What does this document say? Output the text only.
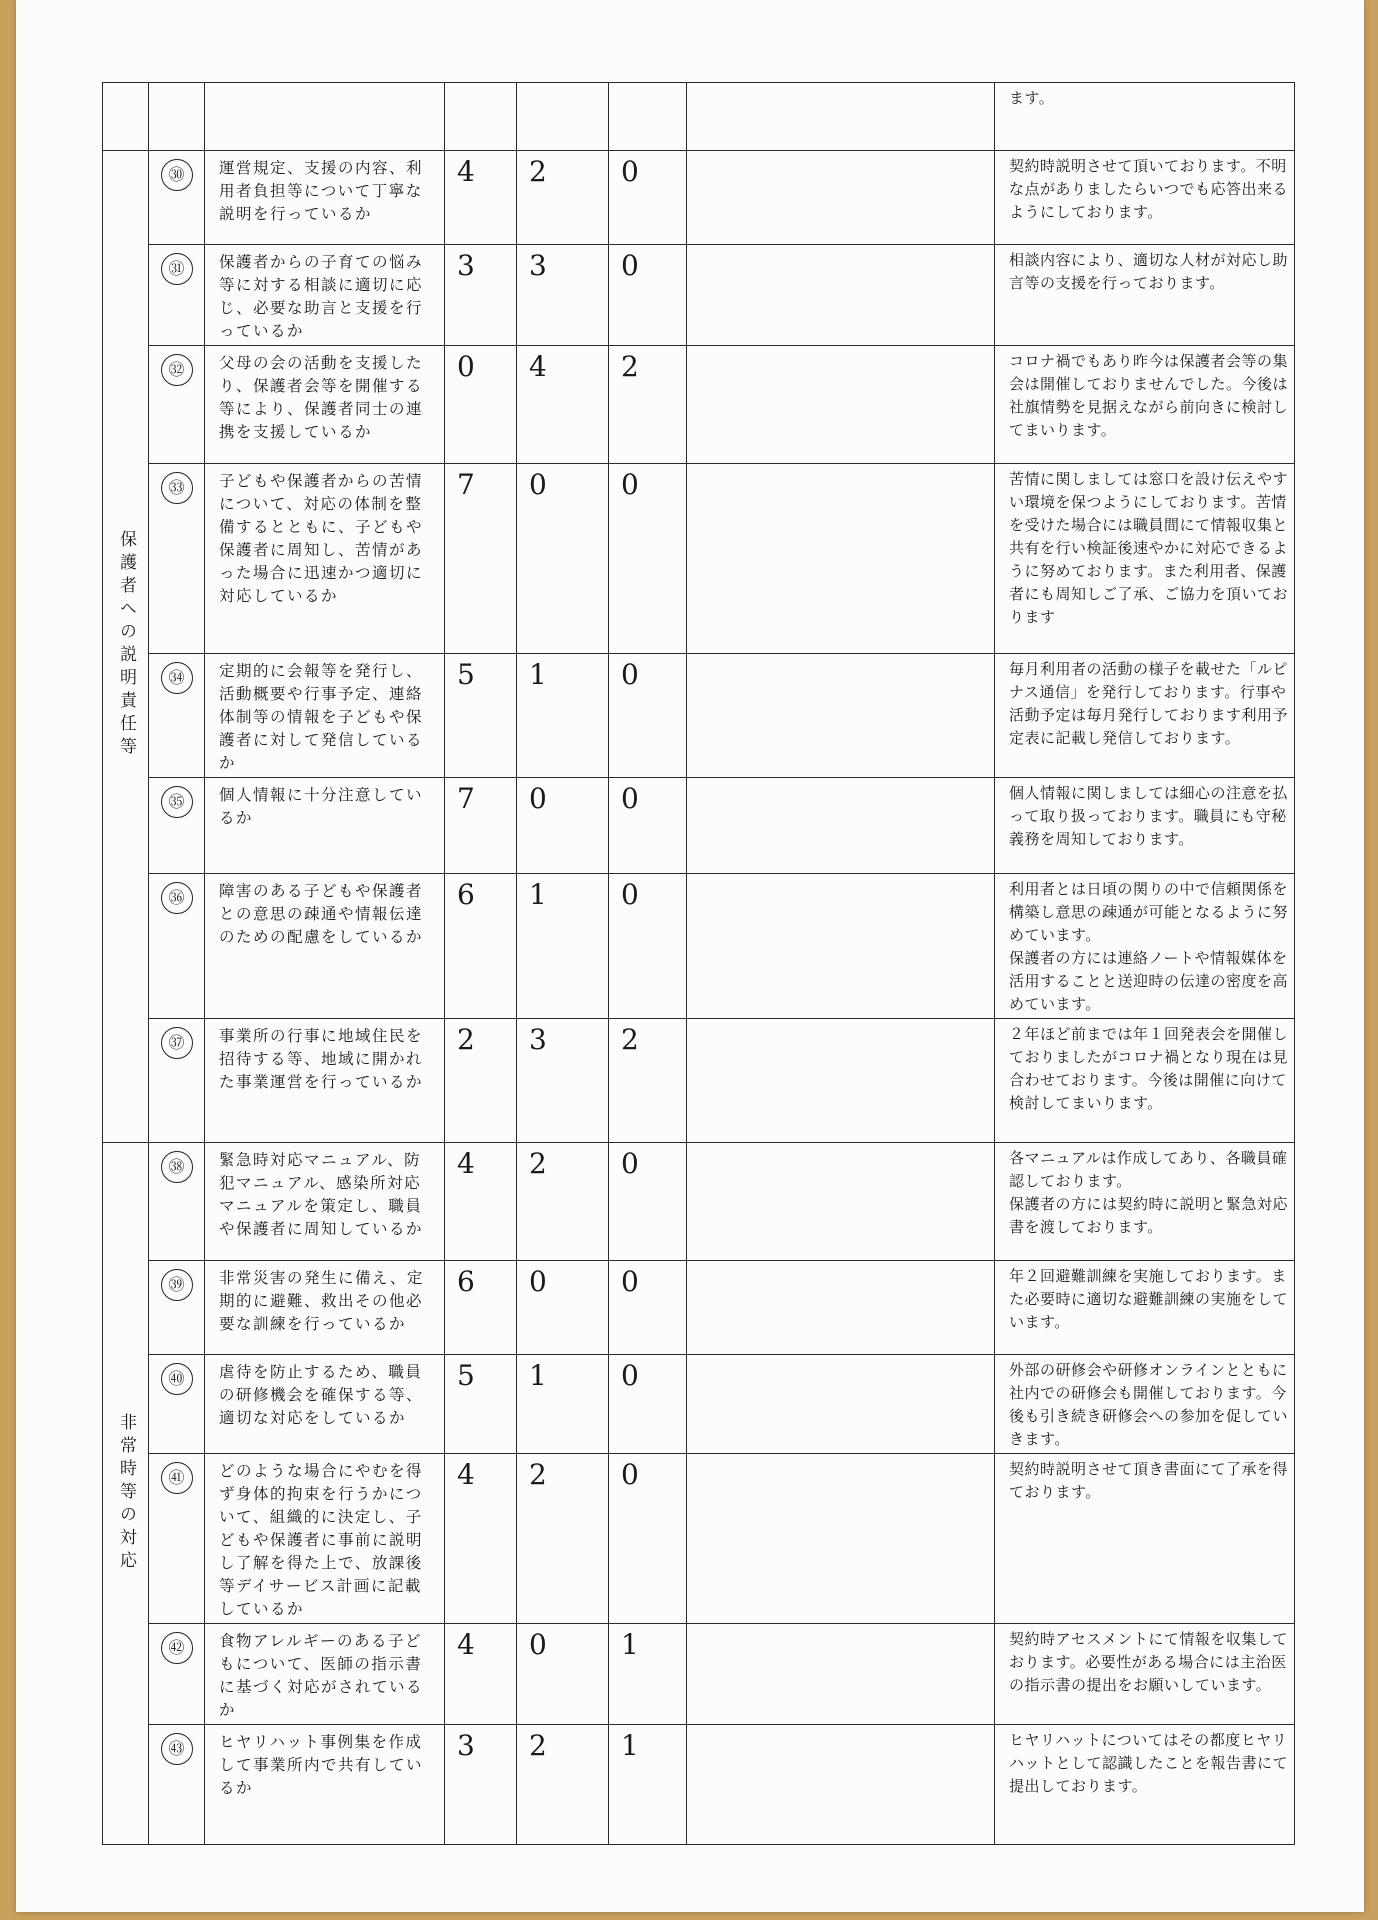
							ます。

保護者への説明責任等	㉚	運営規定、支援の内容、利用者負担等について丁寧な説明を行っているか	4	2	0		契約時説明させて頂いております。不明な点がありましたらいつでも応答出来るようにしております。

	㉛	保護者からの子育ての悩み等に対する相談に適切に応じ、必要な助言と支援を行っているか	3	3	0		相談内容により、適切な人材が対応し助言等の支援を行っております。

	㉜	父母の会の活動を支援したり、保護者会等を開催する等により、保護者同士の連携を支援しているか	0	4	2		コロナ禍でもあり昨今は保護者会等の集会は開催しておりませんでした。今後は社旗情勢を見据えながら前向きに検討してまいります。

	㉝	子どもや保護者からの苦情について、対応の体制を整備するとともに、子どもや保護者に周知し、苦情があった場合に迅速かつ適切に対応しているか	7	0	0		苦情に関しましては窓口を設け伝えやすい環境を保つようにしております。苦情を受けた場合には職員間にて情報収集と共有を行い検証後速やかに対応できるように努めております。また利用者、保護者にも周知しご了承、ご協力を頂いております

	㉞	定期的に会報等を発行し、活動概要や行事予定、連絡体制等の情報を子どもや保護者に対して発信しているか	5	1	0		毎月利用者の活動の様子を載せた「ルピナス通信」を発行しております。行事や活動予定は毎月発行しております利用予定表に記載し発信しております。

	㉟	個人情報に十分注意しているか	7	0	0		個人情報に関しましては細心の注意を払って取り扱っております。職員にも守秘義務を周知しております。

	㊱	障害のある子どもや保護者との意思の疎通や情報伝達のための配慮をしているか	6	1	0		利用者とは日頃の関りの中で信頼関係を構築し意思の疎通が可能となるように努めています。
保護者の方には連絡ノートや情報媒体を活用することと送迎時の伝達の密度を高めています。

	㊲	事業所の行事に地域住民を招待する等、地域に開かれた事業運営を行っているか	2	3	2		２年ほど前までは年１回発表会を開催しておりましたがコロナ禍となり現在は見合わせております。今後は開催に向けて検討してまいります。

非常時等の対応	㊳	緊急時対応マニュアル、防犯マニュアル、感染所対応マニュアルを策定し、職員や保護者に周知しているか	4	2	0		各マニュアルは作成してあり、各職員確認しております。
保護者の方には契約時に説明と緊急対応書を渡しております。

	㊴	非常災害の発生に備え、定期的に避難、救出その他必要な訓練を行っているか	6	0	0		年２回避難訓練を実施しております。また必要時に適切な避難訓練の実施をしています。

	㊵	虐待を防止するため、職員の研修機会を確保する等、適切な対応をしているか	5	1	0		外部の研修会や研修オンラインとともに社内での研修会も開催しております。今後も引き続き研修会への参加を促していきます。

	㊶	どのような場合にやむを得ず身体的拘束を行うかについて、組織的に決定し、子どもや保護者に事前に説明し了解を得た上で、放課後等デイサービス計画に記載しているか	4	2	0		契約時説明させて頂き書面にて了承を得ております。

	㊷	食物アレルギーのある子どもについて、医師の指示書に基づく対応がされているか	4	0	1		契約時アセスメントにて情報を収集しております。必要性がある場合には主治医の指示書の提出をお願いしています。

	㊸	ヒヤリハット事例集を作成して事業所内で共有しているか	3	2	1		ヒヤリハットについてはその都度ヒヤリハットとして認識したことを報告書にて提出しております。
